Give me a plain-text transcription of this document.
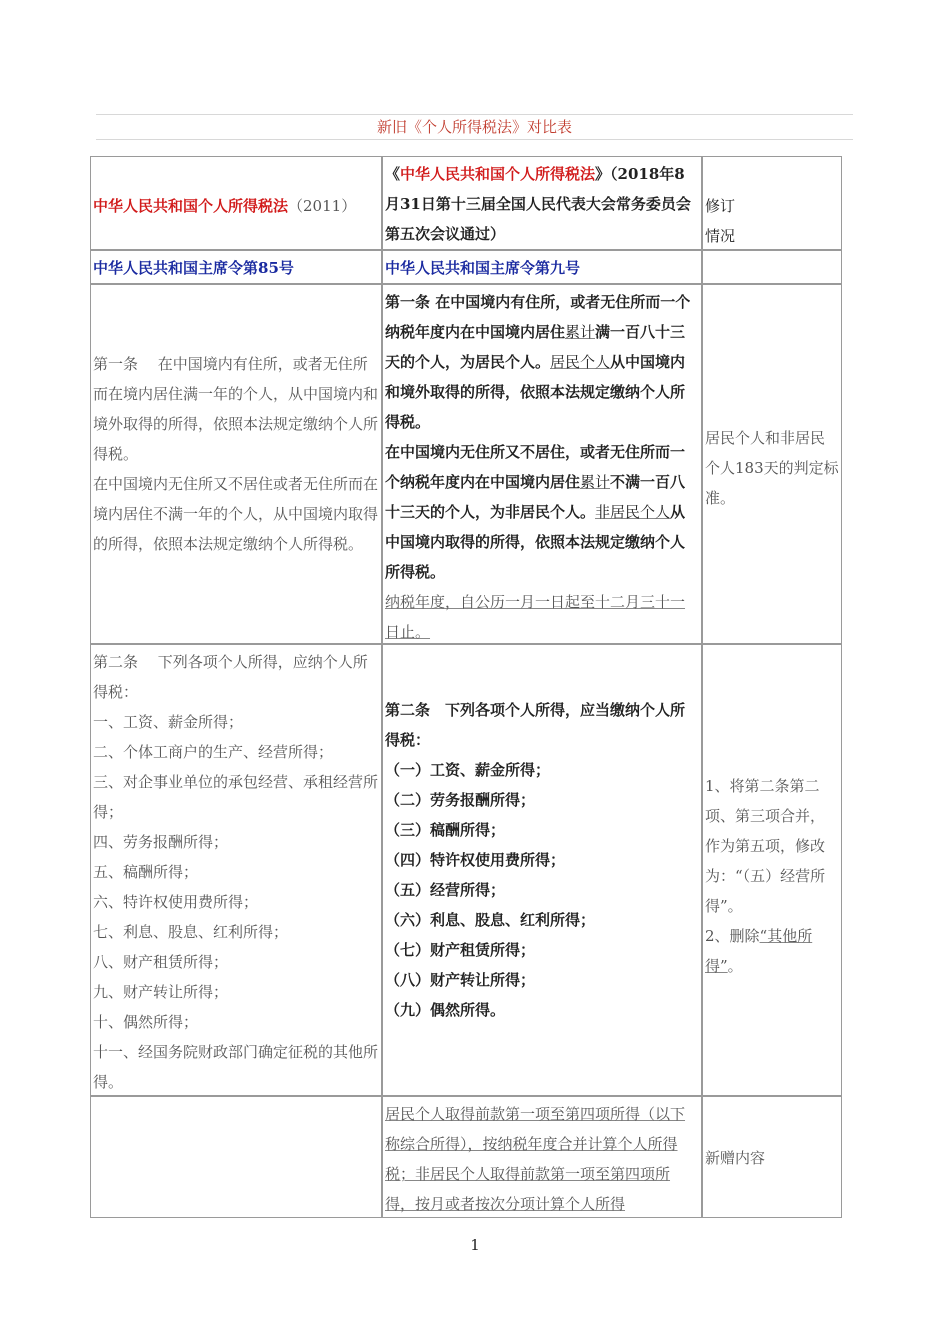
新旧《个人所得税法》对比表
中华人民共和国个人所得税法（2011）
《中华人民共和国个人所得税法》（2018年8月31日第十三届全国人民代表大会常务委员会第五次会议通过）
修订
情况
中华人民共和国主席令第85号	中华人民共和国主席令第九号
第一条　 在中国境内有住所，或者无住所而在境内居住满一年的个人，从中国境内和境外取得的所得，依照本法规定缴纳个人所得税。
在中国境内无住所又不居住或者无住所而在境内居住不满一年的个人，从中国境内取得的所得，依照本法规定缴纳个人所得税。
第一条 在中国境内有住所，或者无住所而一个纳税年度内在中国境内居住累计满一百八十三天的个人，为居民个人。居民个人从中国境内和境外取得的所得，依照本法规定缴纳个人所得税。
在中国境内无住所又不居住，或者无住所而一个纳税年度内在中国境内居住累计不满一百八十三天的个人，为非居民个人。非居民个人从中国境内取得的所得，依照本法规定缴纳个人所得税。
纳税年度，自公历一月一日起至十二月三十一日止。
居民个人和非居民个人183天的判定标准。
第二条　 下列各项个人所得，应纳个人所得税：
一、工资、薪金所得；
二、个体工商户的生产、经营所得；
三、对企事业单位的承包经营、承租经营所得；
四、劳务报酬所得；
五、稿酬所得；
六、特许权使用费所得；
七、利息、股息、红利所得；
八、财产租赁所得；
九、财产转让所得；
十、偶然所得；
十一、经国务院财政部门确定征税的其他所得。
第二条　下列各项个人所得，应当缴纳个人所得税：
（一）工资、薪金所得；
（二）劳务报酬所得；
（三）稿酬所得；
（四）特许权使用费所得；
（五）经营所得；
（六）利息、股息、红利所得；
（七）财产租赁所得；
（八）财产转让所得；
（九）偶然所得。
1、将第二条第二项、第三项合并，作为第五项，修改为：“（五）经营所得”。
2、删除“其他所得”。
居民个人取得前款第一项至第四项所得（以下称综合所得），按纳税年度合并计算个人所得税；非居民个人取得前款第一项至第四项所得，按月或者按次分项计算个人所得
新赠内容
1
